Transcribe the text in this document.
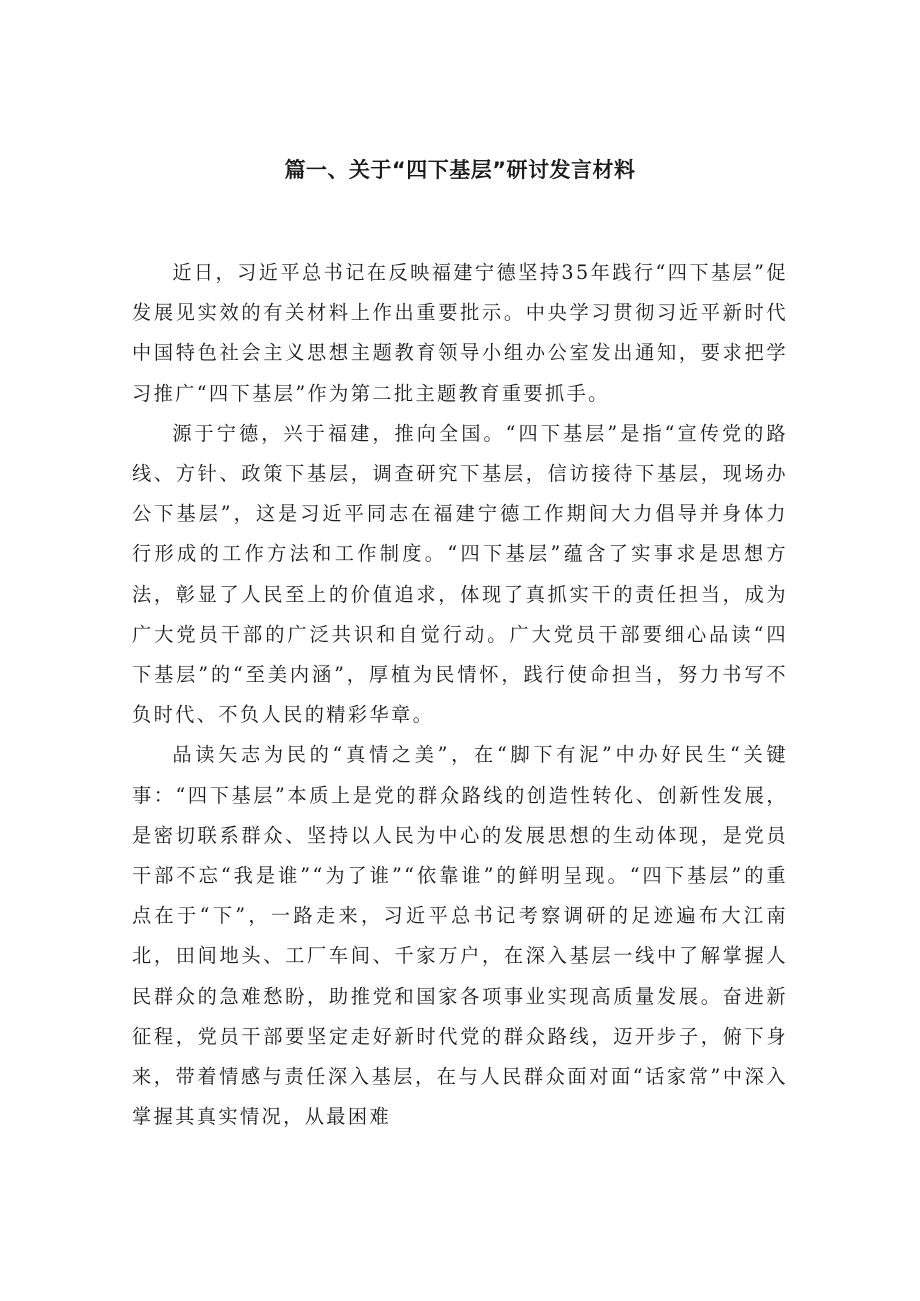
篇一、关于“四下基层”研讨发言材料

近日，习近平总书记在反映福建宁德坚持35年践行“四下基层”促发展见实效的有关材料上作出重要批示。中央学习贯彻习近平新时代中国特色社会主义思想主题教育领导小组办公室发出通知，要求把学习推广“四下基层”作为第二批主题教育重要抓手。

源于宁德，兴于福建，推向全国。“四下基层”是指“宣传党的路线、方针、政策下基层，调查研究下基层，信访接待下基层，现场办公下基层”，这是习近平同志在福建宁德工作期间大力倡导并身体力行形成的工作方法和工作制度。“四下基层”蕴含了实事求是思想方法，彰显了人民至上的价值追求，体现了真抓实干的责任担当，成为广大党员干部的广泛共识和自觉行动。广大党员干部要细心品读“四下基层”的“至美内涵”，厚植为民情怀，践行使命担当，努力书写不负时代、不负人民的精彩华章。

品读矢志为民的“真情之美”，在“脚下有泥”中办好民生“关键事：“四下基层”本质上是党的群众路线的创造性转化、创新性发展，是密切联系群众、坚持以人民为中心的发展思想的生动体现，是党员干部不忘“我是谁”“为了谁”“依靠谁”的鲜明呈现。“四下基层”的重点在于“下”，一路走来，习近平总书记考察调研的足迹遍布大江南北，田间地头、工厂车间、千家万户，在深入基层一线中了解掌握人民群众的急难愁盼，助推党和国家各项事业实现高质量发展。奋进新征程，党员干部要坚定走好新时代党的群众路线，迈开步子，俯下身来，带着情感与责任深入基层，在与人民群众面对面“话家常”中深入掌握其真实情况，从最困难
